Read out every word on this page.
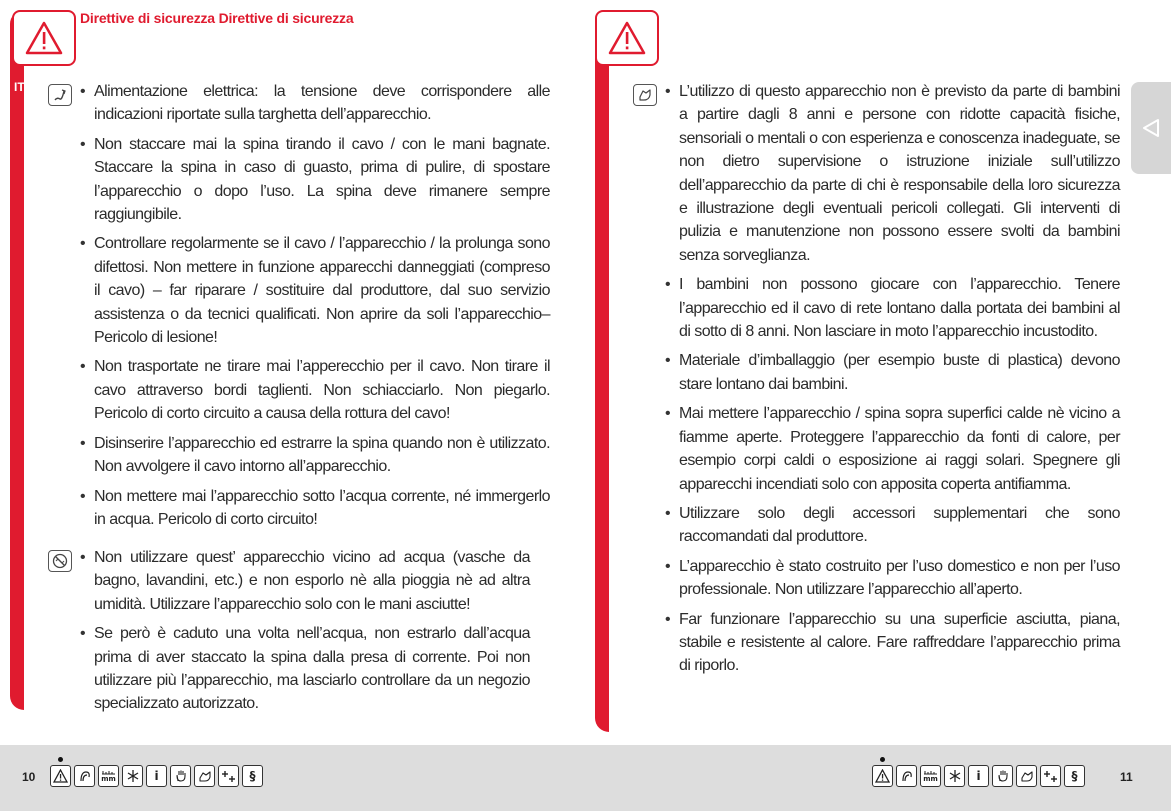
Direttive di sicurezza Direttive di sicurezza
IT
•	Alimentazione elettrica: la tensione deve corrispondere alle indicazioni riportate sulla targhetta dell’apparecchio.
• Non staccare mai la spina tirando il cavo / con le mani bagnate. Staccare la spina in caso di guasto, prima di pulire, di spostare l’apparecchio o dopo l’uso. La spina deve rimanere sempre raggiungibile.
• Controllare regolarmente se il cavo / l’apparecchio / la prolunga sono difettosi. Non mettere in funzione apparecchi danneggiati (compreso il cavo) – far riparare / sostituire dal produttore, dal suo servizio assistenza o da tecnici qualificati. Non aprire da soli l’apparecchio– Pericolo di lesione!
• Non trasportate ne tirare mai l’apperecchio per il cavo. Non tirare il cavo attraverso bordi taglienti. Non schiacciarlo. Non piegarlo. Pericolo di corto circuito a causa della rottura del cavo!
• Disinserire l’apparecchio ed estrarre la spina quando non è utilizzato. Non avvolgere il cavo intorno all’apparecchio.
• Non mettere mai l’apparecchio sotto l’acqua corrente, né immergerlo in acqua. Pericolo di corto circuito!
• Non utilizzare quest’ apparecchio vicino ad acqua (vasche da bagno, lavandini, etc.) e non esporlo nè alla pioggia nè ad altra umidità. Utilizzare l’apparecchio solo con le mani asciutte!
• Se però è caduto una volta nell’acqua, non estrarlo dall’acqua prima di aver staccato la spina dalla presa di corrente. Poi non utilizzare più l’apparecchio, ma lasciarlo controllare da un negozio specializzato autorizzato.
• L’utilizzo di questo apparecchio non è previsto da parte di bambini a partire dagli 8 anni e persone con ridotte capacità fisiche, sensoriali o mentali o con esperienza e conoscenza inadeguate, se non dietro supervisione o istruzione iniziale sull’utilizzo dell’apparecchio da parte di chi è responsabile della loro sicurezza e illustrazione degli eventuali pericoli collegati. Gli interventi di pulizia e manutenzione non possono essere svolti da bambini senza sorveglianza.
• I bambini non possono giocare con l’apparecchio. Tenere l’apparecchio ed il cavo di rete lontano dalla portata dei bambini al di sotto di 8 anni. Non lasciare in moto l’apparecchio incustodito.
• Materiale d’imballaggio (per esempio buste di plastica) devono stare lontano dai bambini.
• Mai mettere l’apparecchio / spina sopra superfici calde nè vicino a fiamme aperte. Proteggere l’apparecchio da fonti di calore, per esempio corpi caldi o esposizione ai raggi solari. Spegnere gli apparecchi incendiati solo con apposita coperta antifiamma.
• Utilizzare solo degli accessori supplementari che sono raccomandati dal produttore.
• L’apparecchio è stato costruito per l’uso domestico e non per l’uso professionale. Non utilizzare l’apparecchio all’aperto.
• Far funzionare l’apparecchio su una superficie asciutta, piana, stabile e resistente al calore. Fare raffreddare l’apparecchio prima di riporlo.
10	mm	i	§	mm	i	§	11
